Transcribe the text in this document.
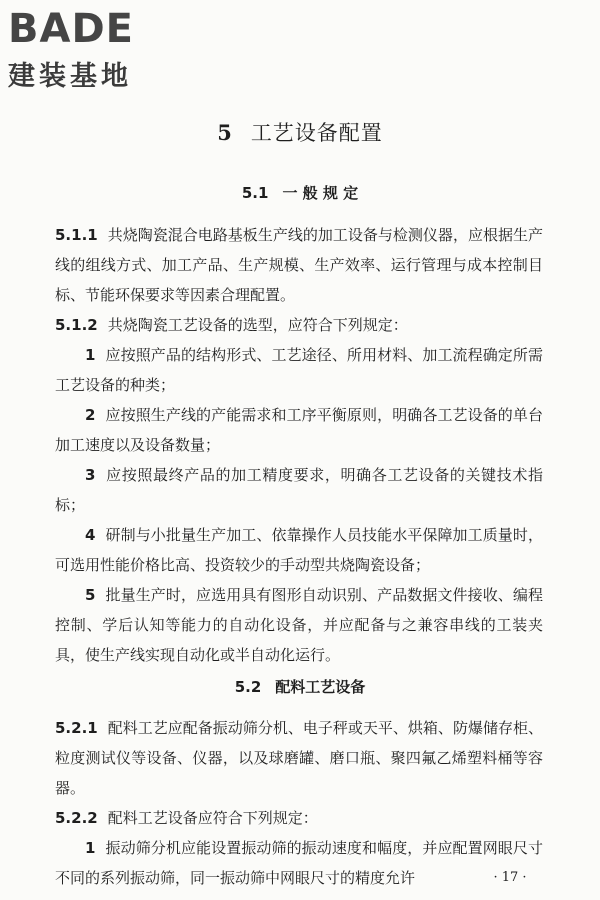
BADE
建装基地
5 工艺设备配置
5.1 一 般 规 定
5.1.1 共烧陶瓷混合电路基板生产线的加工设备与检测仪器，应根据生产线的组线方式、加工产品、生产规模、生产效率、运行管理与成本控制目标、节能环保要求等因素合理配置。
5.1.2 共烧陶瓷工艺设备的选型，应符合下列规定：
1 应按照产品的结构形式、工艺途径、所用材料、加工流程确定所需工艺设备的种类；
2 应按照生产线的产能需求和工序平衡原则，明确各工艺设备的单台加工速度以及设备数量；
3 应按照最终产品的加工精度要求，明确各工艺设备的关键技术指标；
4 研制与小批量生产加工、依靠操作人员技能水平保障加工质量时，可选用性能价格比高、投资较少的手动型共烧陶瓷设备；
5 批量生产时，应选用具有图形自动识别、产品数据文件接收、编程控制、学后认知等能力的自动化设备，并应配备与之兼容串线的工装夹具，使生产线实现自动化或半自动化运行。
5.2 配料工艺设备
5.2.1 配料工艺应配备振动筛分机、电子秤或天平、烘箱、防爆储存柜、粒度测试仪等设备、仪器，以及球磨罐、磨口瓶、聚四氟乙烯塑料桶等容器。
5.2.2 配料工艺设备应符合下列规定：
1 振动筛分机应能设置振动筛的振动速度和幅度，并应配置网眼尺寸不同的系列振动筛，同一振动筛中网眼尺寸的精度允许	· 17 ·
